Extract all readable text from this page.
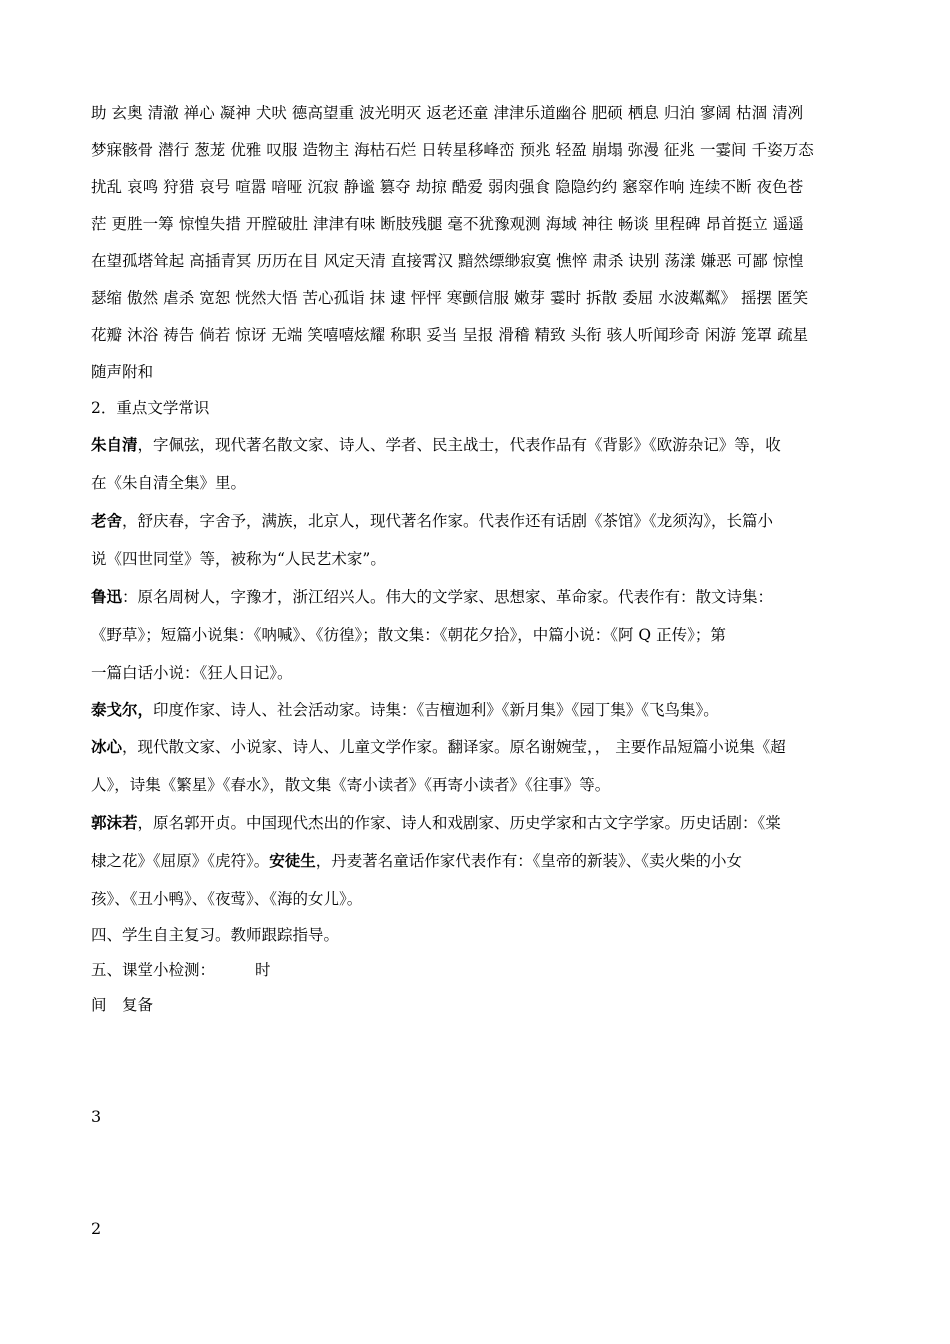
助 玄奥 清澈 禅心 凝神 犬吠 德高望重 波光明灭 返老还童 津津乐道幽谷 肥硕 栖息 归泊 寥阔 枯涸 清冽
梦寐骸骨 潜行 葱茏 优雅 叹服 造物主 海枯石烂 日转星移峰峦 预兆 轻盈 崩塌 弥漫 征兆 一霎间 千姿万态
扰乱 哀鸣 狩猎 哀号 喧嚣 喑哑 沉寂 静谧 篡夺 劫掠 酷爱 弱肉强食 隐隐约约 窸窣作响 连续不断 夜色苍
茫 更胜一筹 惊惶失措 开膛破肚 津津有味 断肢残腿 毫不犹豫观测 海域 神往 畅谈 里程碑 昂首挺立 遥遥
在望孤塔耸起 高插青冥 历历在目 风定天清 直接霄汉 黯然缥缈寂寞 憔悴 肃杀 诀别 荡漾 嫌恶 可鄙 惊惶
瑟缩 傲然 虐杀 宽恕 恍然大悟 苦心孤诣 抹 逮 怦怦 寒颤信服 嫩芽 霎时 拆散 委屈 水波粼粼》 摇摆 匿笑
花瓣 沐浴 祷告 倘若 惊讶 无端 笑嘻嘻炫耀 称职 妥当 呈报 滑稽 精致 头衔 骇人听闻珍奇 闲游 笼罩 疏星
随声附和
2．重点文学常识
朱自清，字佩弦，现代著名散文家、诗人、学者、民主战士，代表作品有《背影》《欧游杂记》等，收
在《朱自清全集》里。
老舍，舒庆春，字舍予，满族，北京人，现代著名作家。代表作还有话剧《茶馆》《龙须沟》，长篇小
说《四世同堂》等，被称为“人民艺术家”。
鲁迅：原名周树人，字豫才，浙江绍兴人。伟大的文学家、思想家、革命家。代表作有：散文诗集：
《野草》；短篇小说集：《呐喊》、《彷徨》；散文集：《朝花夕拾》，中篇小说：《阿 Q 正传》；第
一篇白话小说：《狂人日记》。
泰戈尔，印度作家、诗人、社会活动家。诗集：《吉檀迦利》《新月集》《园丁集》《飞鸟集》。
冰心，现代散文家、小说家、诗人、儿童文学作家。翻译家。原名谢婉莹，， 主要作品短篇小说集《超
人》，诗集《繁星》《春水》，散文集《寄小读者》《再寄小读者》《往事》等。
郭沫若，原名郭开贞。中国现代杰出的作家、诗人和戏剧家、历史学家和古文字学家。历史话剧：《棠
棣之花》《屈原》《虎符》。安徒生，丹麦著名童话作家代表作有：《皇帝的新装》、《卖火柴的小女
孩》、《丑小鸭》、《夜莺》、《海的女儿》。
四、学生自主复习。教师跟踪指导。
五、课堂小检测：	时
间　复备
3
2
